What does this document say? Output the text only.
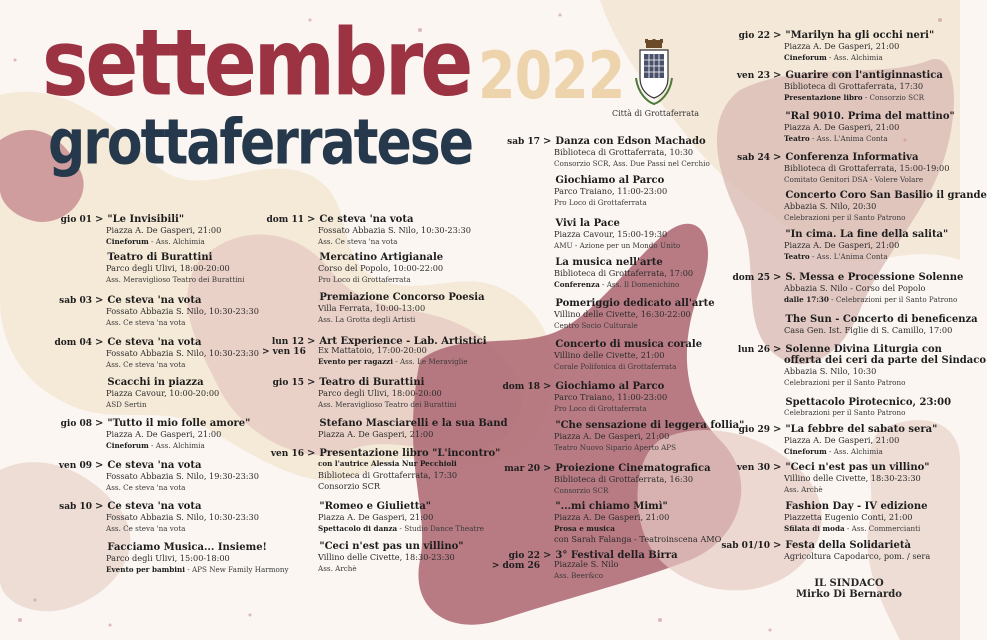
settembre
grottaferratese
2022
Città di Grottaferrata
gio 01 > "Le Invisibili"
Piazza A. De Gasperi, 21:00
Cineforum - Ass. Alchimia
Teatro di Burattini
Parco degli Ulivi, 18:00-20:00
Ass. Meraviglioso Teatro dei Burattini
sab 03 > Ce steva 'na vota
Fossato Abbazia S. Nilo, 10:30-23:30
Ass. Ce steva 'na vota
dom 04 > Ce steva 'na vota
Fossato Abbazia S. Nilo, 10:30-23:30
Ass. Ce steva 'na vota
Scacchi in piazza
Piazza Cavour, 10:00-20:00
ASD Sertin
gio 08 > "Tutto il mio folle amore"
Piazza A. De Gasperi, 21:00
Cineforum - Ass. Alchimia
ven 09 > Ce steva 'na vota
Fossato Abbazia S. Nilo, 19:30-23:30
Ass. Ce steva 'na vota
sab 10 > Ce steva 'na vota
Fossato Abbazia S. Nilo, 10:30-23:30
Ass. Ce steva 'na vota
Facciamo Musica... Insieme!
Parco degli Ulivi, 15:00-18:00
Evento per bambini - APS New Family Harmony
dom 11 > Ce steva 'na vota
Fossato Abbazia S. Nilo, 10:30-23:30
Ass. Ce steva 'na vota
Mercatino Artigianale
Corso del Popolo, 10:00-22:00
Pro Loco di Grottaferrata
Premiazione Concorso Poesia
Villa Ferrata, 10:00-13:00
Ass. La Grotta degli Artisti
lun 12 > Art Experience - Lab. Artistici
> ven 16 Ex Mattatoio, 17:00-20:00
Evento per ragazzi - Ass. Le Meraviglie
gio 15 > Teatro di Burattini
Parco degli Ulivi, 18:00-20:00
Ass. Meraviglioso Teatro dei Burattini
Stefano Masciarelli e la sua Band
Piazza A. De Gasperi, 21:00
ven 16 > Presentazione libro "L'incontro"
con l'autrice Alessia Nur Pecchioli
Biblioteca di Grottaferrata, 17:30
Consorzio SCR
"Romeo e Giulietta"
Piazza A. De Gasperi, 21:00
Spettacolo di danza - Studio Dance Theatre
"Ceci n'est pas un villino"
Villino delle Civette, 18:30-23:30
Ass. Archè
sab 17 > Danza con Edson Machado
Biblioteca di Grottaferrata, 10:30
Consorzio SCR, Ass. Due Passi nel Cerchio
Giochiamo al Parco
Parco Traiano, 11:00-23:00
Pro Loco di Grottaferrata
Vivi la Pace
Piazza Cavour, 15:00-19:30
AMU - Azione per un Mondo Unito
La musica nell'arte
Biblioteca di Grottaferrata, 17:00
Conferenza - Ass. Il Domenichino
Pomeriggio dedicato all'arte
Villino delle Civette, 16:30-22:00
Centro Socio Culturale
Concerto di musica corale
Villino delle Civette, 21:00
Corale Polifonica di Grottaferrata
dom 18 > Giochiamo al Parco
Parco Traiano, 11:00-23:00
Pro Loco di Grottaferrata
"Che sensazione di leggera follia"
Piazza A. De Gasperi, 21:00
Teatro Nuovo Sipario Aperto APS
mar 20 > Proiezione Cinematografica
Biblioteca di Grottaferrata, 16:30
Consorzio SCR
"...mi chiamo Mimì"
Piazza A. De Gasperi, 21:00
Prosa e musica
con Sarah Falanga - Teatroinscena AMO
gio 22 > 3° Festival della Birra
> dom 26 Piazzale S. Nilo
Ass. Beer&co
gio 22 > "Marilyn ha gli occhi neri"
Piazza A. De Gasperi, 21:00
Cineforum - Ass. Alchimia
ven 23 > Guarire con l'antiginnastica
Biblioteca di Grottaferrata, 17:30
Presentazione libro - Consorzio SCR
"Ral 9010. Prima del mattino"
Piazza A. De Gasperi, 21:00
Teatro - Ass. L'Anima Conta
sab 24 > Conferenza Informativa
Biblioteca di Grottaferrata, 15:00-19:00
Comitato Genitori DSA - Volere Volare
Concerto Coro San Basilio il grande
Abbazia S. Nilo, 20:30
Celebrazioni per il Santo Patrono
"In cima. La fine della salita"
Piazza A. De Gasperi, 21:00
Teatro - Ass. L'Anima Conta
dom 25 > S. Messa e Processione Solenne
Abbazia S. Nilo - Corso del Popolo
dalle 17:30 - Celebrazioni per il Santo Patrono
The Sun - Concerto di beneficenza
Casa Gen. Ist. Figlie di S. Camillo, 17:00
lun 26 > Solenne Divina Liturgia con
offerta dei ceri da parte del Sindaco
Abbazia S. Nilo, 10:30
Celebrazioni per il Santo Patrono
Spettacolo Pirotecnico, 23:00
Celebrazioni per il Santo Patrono
gio 29 > "La febbre del sabato sera"
Piazza A. De Gasperi, 21:00
Cineforum - Ass. Alchimia
ven 30 > "Ceci n'est pas un villino"
Villino delle Civette, 18:30-23:30
Ass. Archè
Fashion Day - IV edizione
Piazzetta Eugenio Conti, 21:00
Sfilata di moda - Ass. Commercianti
sab 01/10 > Festa della Solidarietà
Agricoltura Capodarco, pom. / sera
IL SINDACO
Mirko Di Bernardo
